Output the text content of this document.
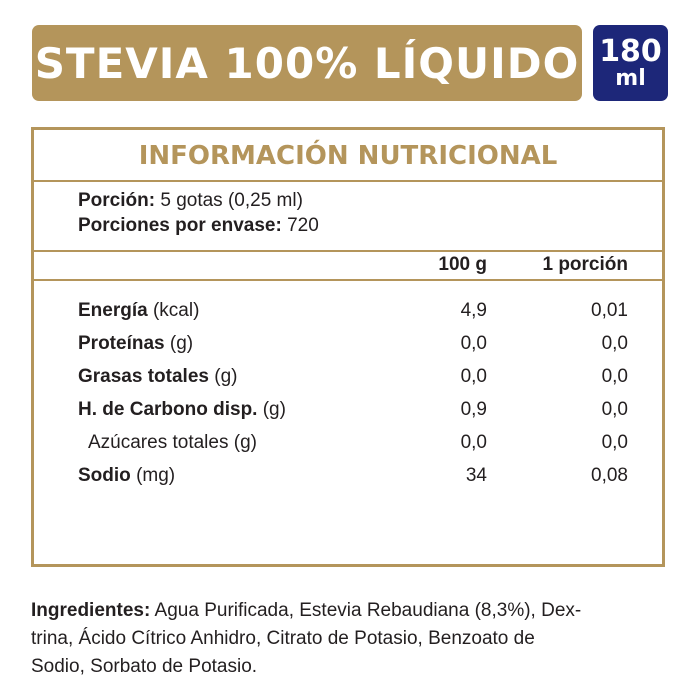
STEVIA 100% LÍQUIDO 180
ml
INFORMACIÓN NUTRICIONAL
Porción: 5 gotas (0,25 ml)
Porciones por envase: 720
100 g	1 porción
Energía (kcal)	4,9	0,01
Proteínas (g)	0,0	0,0
Grasas totales (g)	0,0	0,0
H. de Carbono disp. (g)	0,9	0,0
Azúcares totales (g)	0,0	0,0
Sodio (mg)	34	0,08
Ingredientes: Agua Purificada, Estevia Rebaudiana (8,3%), Dex-
trina, Ácido Cítrico Anhidro, Citrato de Potasio, Benzoato de
Sodio, Sorbato de Potasio.
